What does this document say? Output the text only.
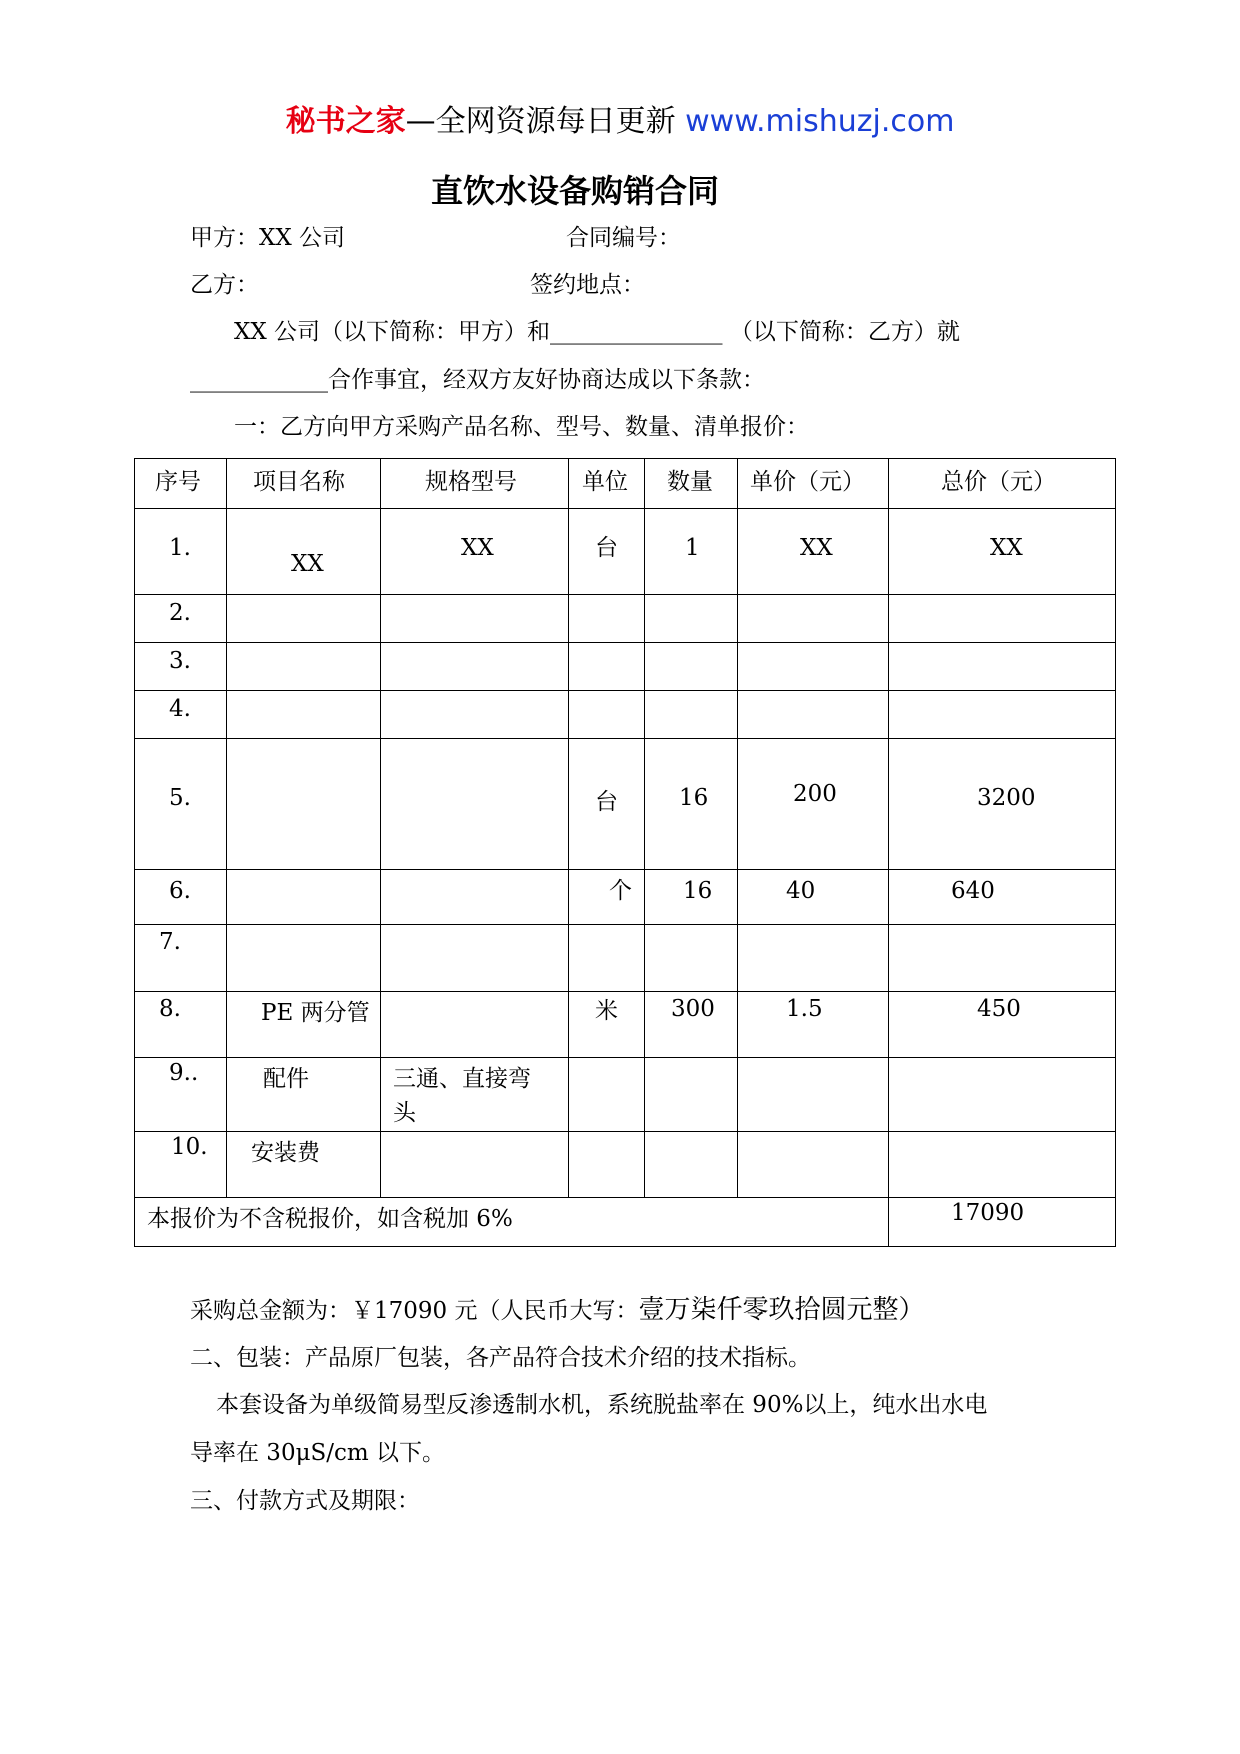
秘书之家—全网资源每日更新 www.mishuzj.com
直饮水设备购销合同
甲方：XX 公司	合同编号：
乙方：	签约地点：
XX 公司（以下简称：甲方）和_______________ （以下简称：乙方）就
____________合作事宜，经双方友好协商达成以下条款：
一：乙方向甲方采购产品名称、型号、数量、清单报价：
序号	项目名称	规格型号	单位	数量	单价（元）	总价（元）

1.	XX	XX	台	1	XX	XX

2.						

3.						

4.						

5.			台	16	200	3200

6.			个	16	40	640

7.						

8.	PE 两分管		米	300	1.5	450

9..	配件	三通、直接弯
头				

10.	安装费					

本报价为不含税报价，如含税加 6%						17090
采购总金额为：￥17090 元（人民币大写：壹万柒仟零玖拾圆元整）
二、包装：产品原厂包装，各产品符合技术介绍的技术指标。
本套设备为单级简易型反渗透制水机，系统脱盐率在 90%以上，纯水出水电
导率在 30μS/cm 以下。
三、付款方式及期限：
